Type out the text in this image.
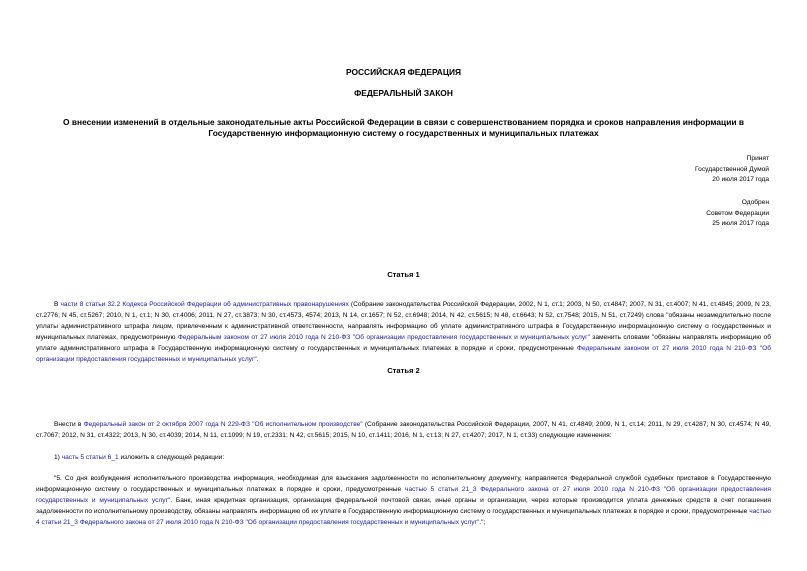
РОССИЙСКАЯ ФЕДЕРАЦИЯ
ФЕДЕРАЛЬНЫЙ ЗАКОН
О внесении изменений в отдельные законодательные акты Российской Федерации в связи с совершенствованием порядка и сроков направления информации в Государственную информационную систему о государственных и муниципальных платежах
Принят
Государственной Думой
20 июля 2017 года
Одобрен
Советом Федерации
25 июля 2017 года
Статья 1
В части 8 статьи 32.2 Кодекса Российской Федерации об административных правонарушениях (Собрание законодательства Российской Федерации, 2002, N 1, ст.1; 2003, N 50, ст.4847; 2007, N 31, ст.4007; N 41, ст.4845; 2009, N 23, ст.2776; N 45, ст.5267; 2010, N 1, ст.1; N 30, ст.4006; 2011, N 27, ст.3873; N 30, ст.4573, 4574; 2013, N 14, ст.1657; N 52, ст.6948; 2014, N 42, ст.5615; N 48, ст.6643; N 52, ст.7548; 2015, N 51, ст.7249) слова "обязаны незамедлительно после уплаты административного штрафа лицом, привлеченным к административной ответственности, направлять информацию об уплате административного штрафа в Государственную информационную систему о государственных и муниципальных платежах, предусмотренную Федеральным законом от 27 июля 2010 года N 210-ФЗ "Об организации предоставления государственных и муниципальных услуг" заменить словами "обязаны направлять информацию об уплате административного штрафа в Государственную информационную систему о государственных и муниципальных платежах в порядке и сроки, предусмотренные Федеральным законом от 27 июля 2010 года N 210-ФЗ "Об организации предоставления государственных и муниципальных услуг".
Статья 2
Внести в Федеральный закон от 2 октября 2007 года N 229-ФЗ "Об исполнительном производстве" (Собрание законодательства Российской Федерации, 2007, N 41, ст.4849; 2009, N 1, ст.14; 2011, N 29, ст.4287; N 30, ст.4574; N 49, ст.7067; 2012, N 31, ст.4322; 2013, N 30, ст.4039; 2014, N 11, ст.1099; N 19, ст.2331; N 42, ст.5615; 2015, N 10, ст.1411; 2016, N 1, ст.13; N 27, ст.4207; 2017, N 1, ст.33) следующие изменения:
1) часть 5 статьи 6_1 изложить в следующей редакции:
"5. Со дня возбуждения исполнительного производства информация, необходимая для взыскания задолженности по исполнительному документу, направляется Федеральной службой судебных приставов в Государственную информационную систему о государственных и муниципальных платежах в порядке и сроки, предусмотренные частью 5 статьи 21_3 Федерального закона от 27 июля 2010 года N 210-ФЗ "Об организации предоставления государственных и муниципальных услуг". Банк, иная кредитная организация, организация федеральной почтовой связи, иные органы и организации, через которые производится уплата денежных средств в счет погашения задолженности по исполнительному производству, обязаны направлять информацию об их уплате в Государственную информационную систему о государственных и муниципальных платежах в порядке и сроки, предусмотренные частью 4 статьи 21_3 Федерального закона от 27 июля 2010 года N 210-ФЗ "Об организации предоставления государственных и муниципальных услуг".";
